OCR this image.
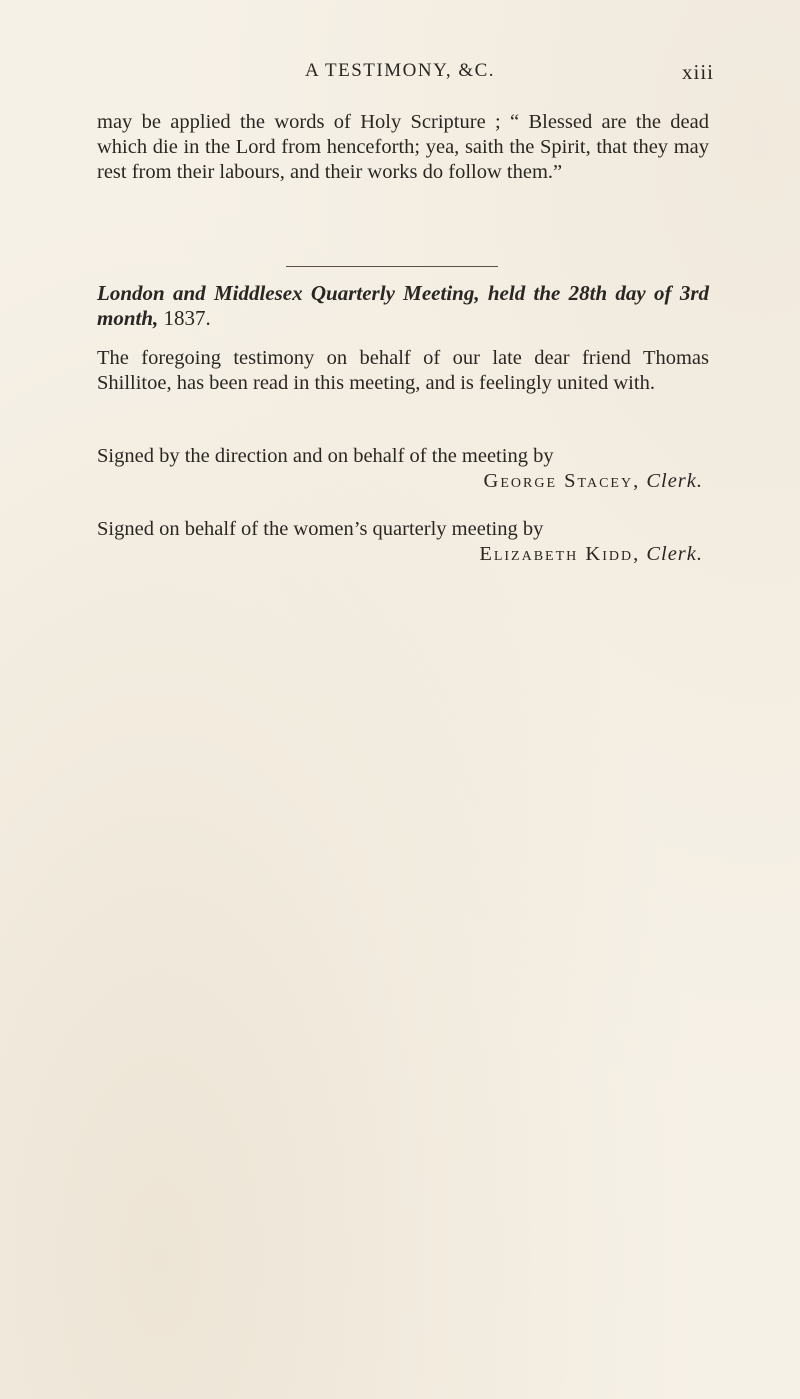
A TESTIMONY, &C.	xiii

may be applied the words of Holy Scripture ; “ Blessed are the dead which die in the Lord from henceforth; yea, saith the Spirit, that they may rest from their labours, and their works do follow them.”

London and Middlesex Quarterly Meeting, held the 28th day of 3rd month, 1837.

The foregoing testimony on behalf of our late dear friend Thomas Shillitoe, has been read in this meeting, and is feelingly united with.

Signed by the direction and on behalf of the meeting by

George Stacey, Clerk.

Signed on behalf of the women’s quarterly meeting by

Elizabeth Kidd, Clerk.
